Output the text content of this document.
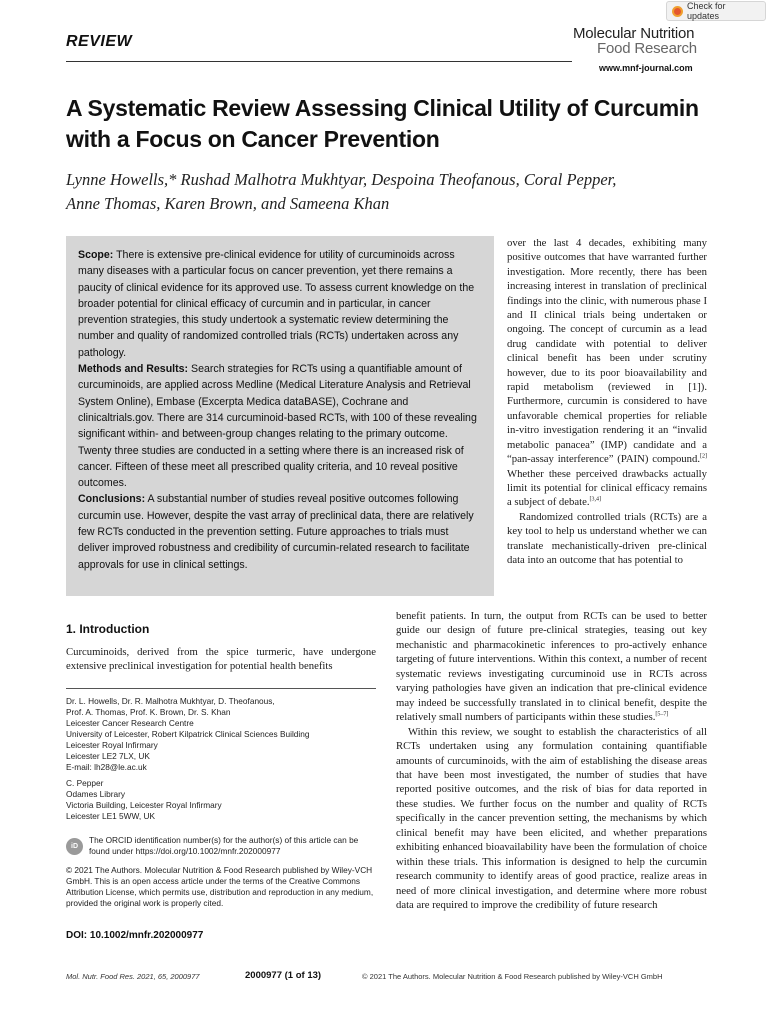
Check for updates
REVIEW	Molecular Nutrition
Food Research
www.mnf-journal.com
A Systematic Review Assessing Clinical Utility of Curcumin with a Focus on Cancer Prevention
Lynne Howells,* Rushad Malhotra Mukhtyar, Despoina Theofanous, Coral Pepper,
Anne Thomas, Karen Brown, and Sameena Khan

Scope: There is extensive pre-clinical evidence for utility of curcuminoids across many diseases with a particular focus on cancer prevention, yet there remains a paucity of clinical evidence for its approved use. To assess current knowledge on the broader potential for clinical efficacy of curcumin and in particular, in cancer prevention strategies, this study undertook a systematic review determining the number and quality of randomized controlled trials (RCTs) undertaken across any pathology.

Methods and Results: Search strategies for RCTs using a quantifiable amount of curcuminoids, are applied across Medline (Medical Literature Analysis and Retrieval System Online), Embase (Excerpta Medica dataBASE), Cochrane and clinicaltrials.gov. There are 314 curcuminoid-based RCTs, with 100 of these revealing significant within- and between-group changes relating to the primary outcome. Twenty three studies are conducted in a setting where there is an increased risk of cancer. Fifteen of these meet all prescribed quality criteria, and 10 reveal positive outcomes.

Conclusions: A substantial number of studies reveal positive outcomes following curcumin use. However, despite the vast array of preclinical data, there are relatively few RCTs conducted in the prevention setting. Future approaches to trials must deliver improved robustness and credibility of curcumin-related research to facilitate approvals for use in clinical settings.

over the last 4 decades, exhibiting many positive outcomes that have warranted further investigation. More recently, there has been increasing interest in translation of preclinical findings into the clinic, with numerous phase I and II clinical trials being undertaken or ongoing. The concept of curcumin as a lead drug candidate with potential to deliver clinical benefit has been under scrutiny however, due to its poor bioavailability and rapid metabolism (reviewed in [1]). Furthermore, curcumin is considered to have unfavorable chemical properties for reliable in-vitro investigation rendering it an “invalid metabolic panacea” (IMP) candidate and a “pan-assay interference” (PAIN) compound.[2] Whether these perceived drawbacks actually limit its potential for clinical efficacy remains a subject of debate.[3,4]

Randomized controlled trials (RCTs) are a key tool to help us understand whether we can translate mechanistically-driven pre-clinical data into an outcome that has potential to

benefit patients. In turn, the output from RCTs can be used to better guide our design of future pre-clinical strategies, teasing out key mechanistic and pharmacokinetic inferences to pro-actively enhance targeting of future interventions. Within this context, a number of recent systematic reviews investigating curcuminoid use in RCTs across varying pathologies have given an indication that pre-clinical evidence may indeed be successfully translated in to clinical benefit, despite the relatively small numbers of participants within these studies.[5–7]

Within this review, we sought to establish the characteristics of all RCTs undertaken using any formulation containing quantifiable amounts of curcuminoids, with the aim of establishing the disease areas that have been most investigated, the number of studies that have reported positive outcomes, and the risk of bias for data reported in these studies. We further focus on the number and quality of RCTs specifically in the cancer prevention setting, the mechanisms by which clinical benefit may have been elicited, and whether preparations exhibiting enhanced bioavailability have been the formulation of choice within these trials. This information is designed to help the curcumin research community to identify areas of good practice, realize areas in need of more clinical investigation, and determine where more robust data are required to improve the credibility of future research

1. Introduction

Curcuminoids, derived from the spice turmeric, have undergone extensive preclinical investigation for potential health benefits

Dr. L. Howells, Dr. R. Malhotra Mukhtyar, D. Theofanous,
Prof. A. Thomas, Prof. K. Brown, Dr. S. Khan
Leicester Cancer Research Centre
University of Leicester, Robert Kilpatrick Clinical Sciences Building
Leicester Royal Infirmary
Leicester LE2 7LX, UK
E-mail: lh28@le.ac.uk
C. Pepper
Odames Library
Victoria Building, Leicester Royal Infirmary
Leicester LE1 5WW, UK
iD
The ORCID identification number(s) for the author(s) of this article can be found under https://doi.org/10.1002/mnfr.202000977

© 2021 The Authors. Molecular Nutrition & Food Research published by Wiley-VCH GmbH. This is an open access article under the terms of the Creative Commons Attribution License, which permits use, distribution and reproduction in any medium, provided the original work is properly cited.

DOI: 10.1002/mnfr.202000977
Mol. Nutr. Food Res. 2021, 65, 2000977	2000977 (1 of 13)	© 2021 The Authors. Molecular Nutrition & Food Research published by Wiley-VCH GmbH
